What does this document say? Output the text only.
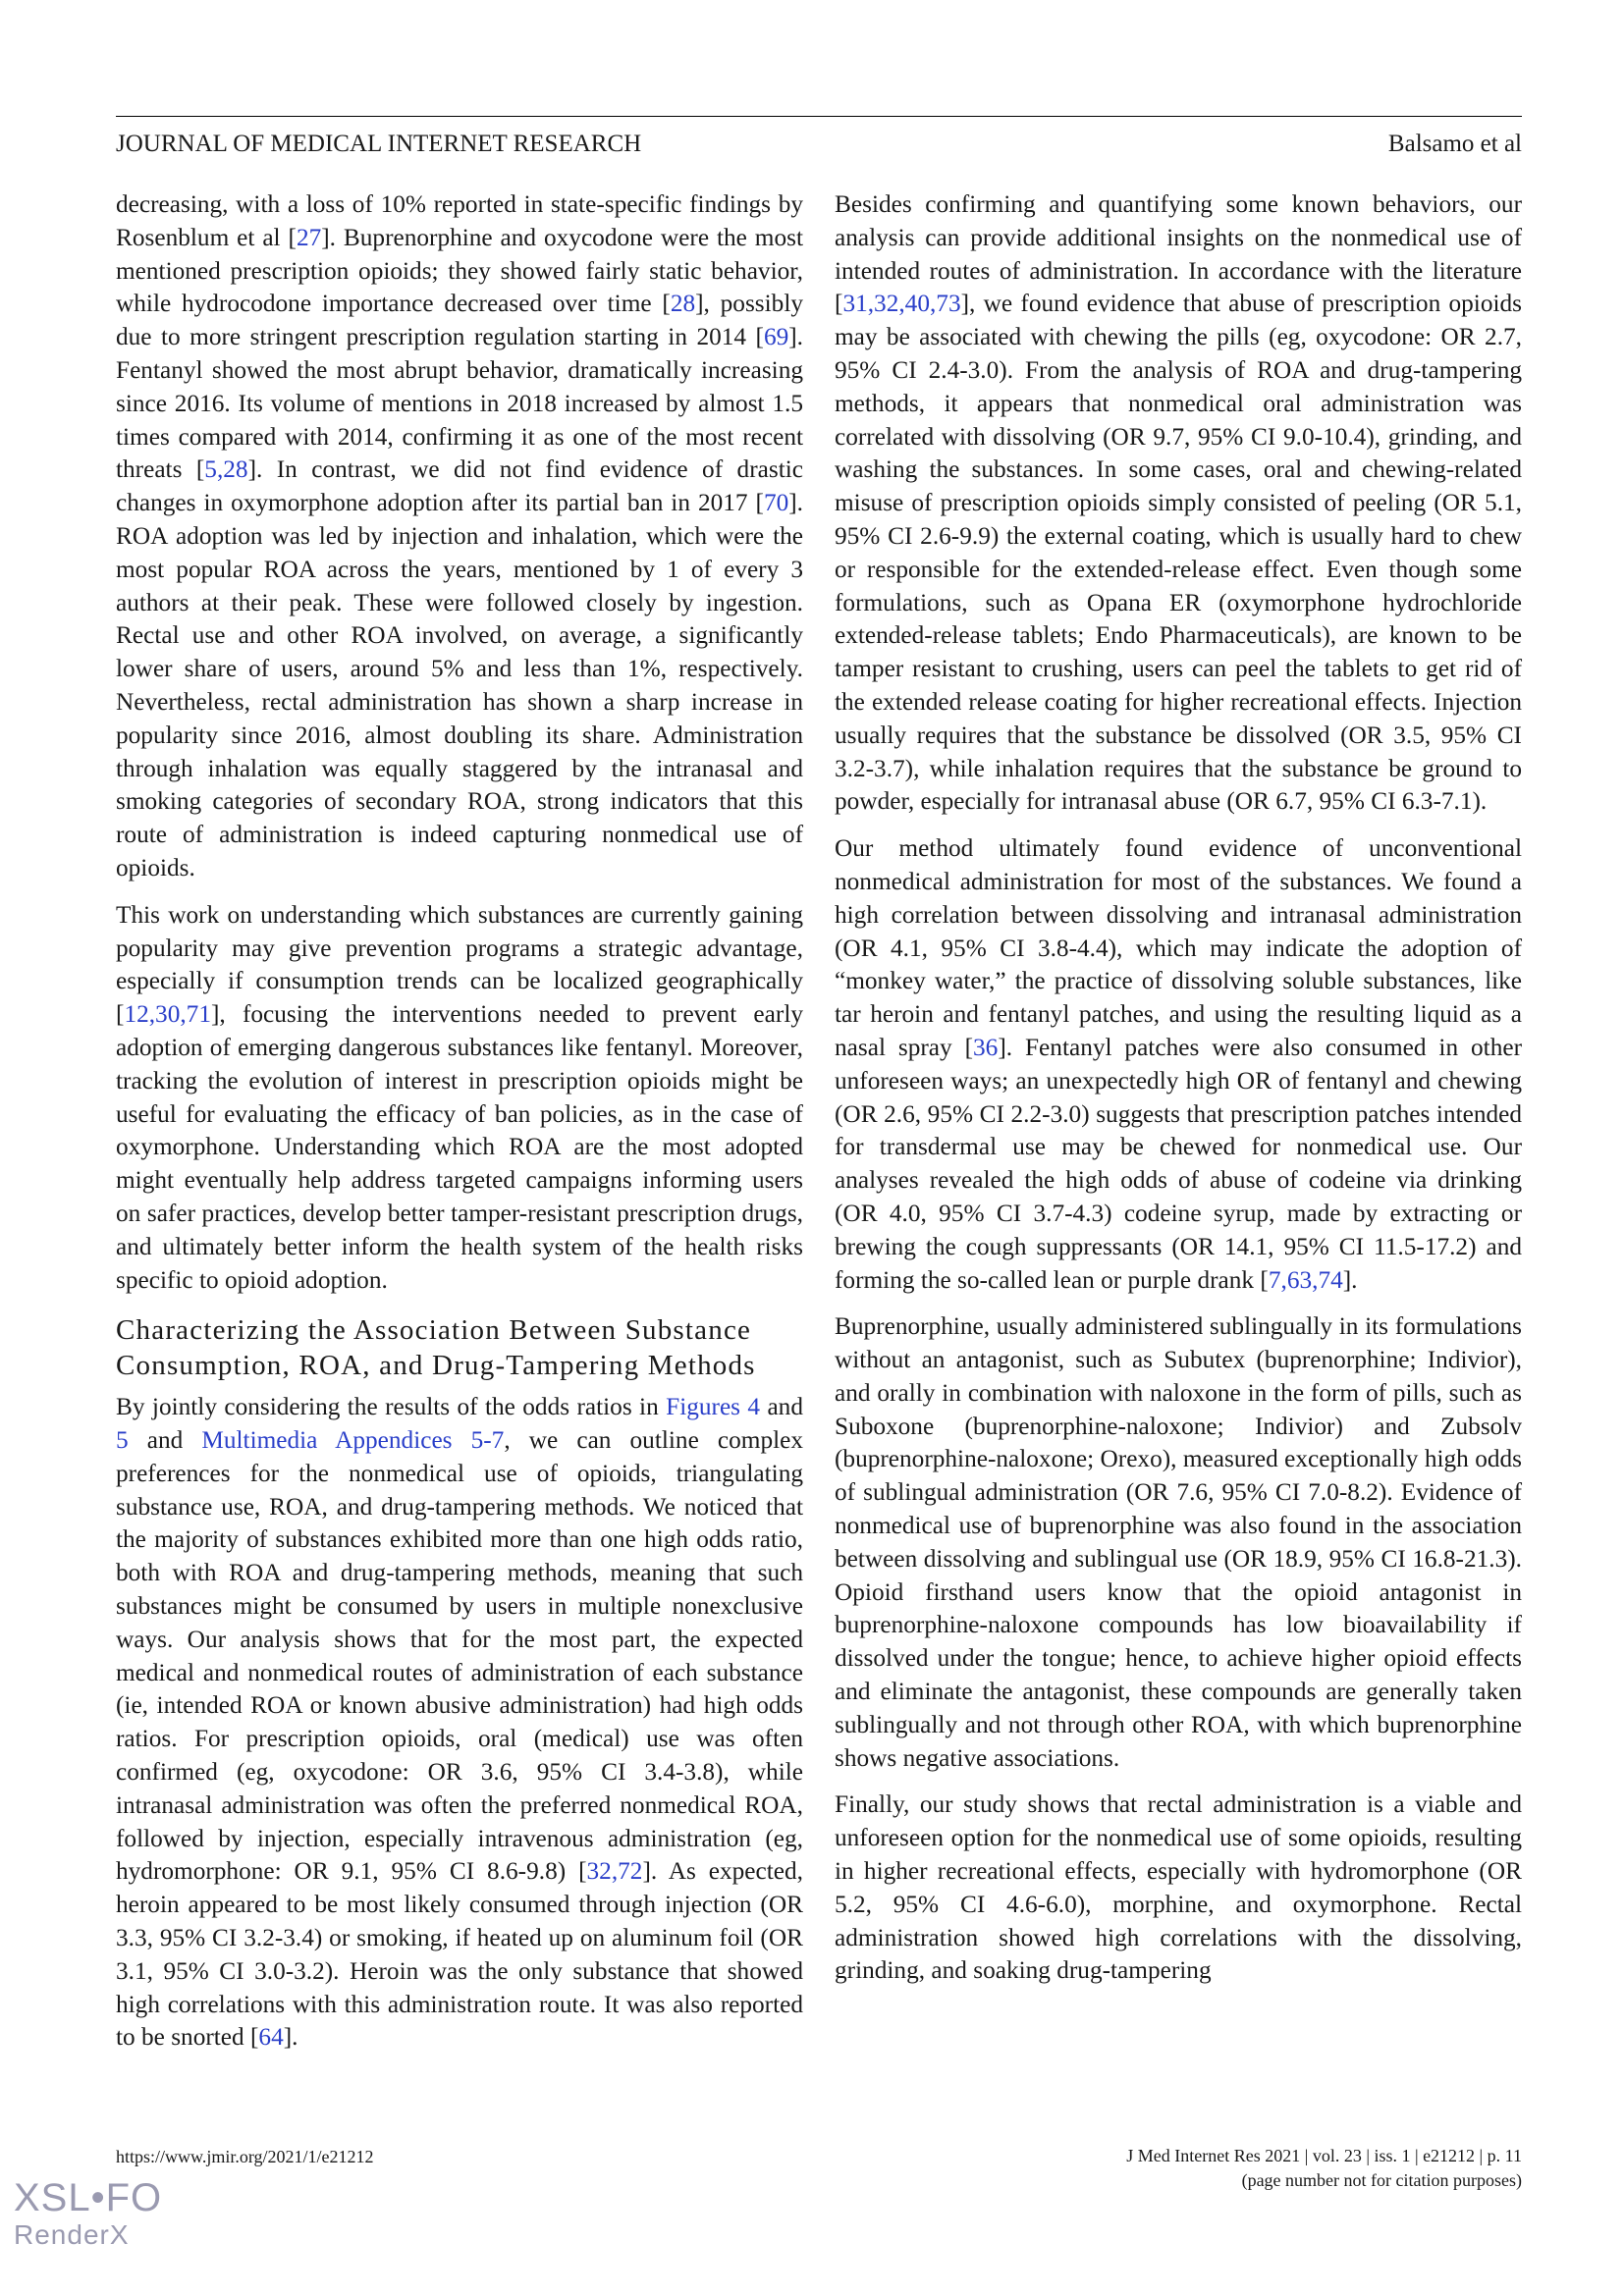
JOURNAL OF MEDICAL INTERNET RESEARCH	Balsamo et al

decreasing, with a loss of 10% reported in state-specific findings by Rosenblum et al [27]. Buprenorphine and oxycodone were the most mentioned prescription opioids; they showed fairly static behavior, while hydrocodone importance decreased over time [28], possibly due to more stringent prescription regulation starting in 2014 [69]. Fentanyl showed the most abrupt behavior, dramatically increasing since 2016. Its volume of mentions in 2018 increased by almost 1.5 times compared with 2014, confirming it as one of the most recent threats [5,28]. In contrast, we did not find evidence of drastic changes in oxymorphone adoption after its partial ban in 2017 [70]. ROA adoption was led by injection and inhalation, which were the most popular ROA across the years, mentioned by 1 of every 3 authors at their peak. These were followed closely by ingestion. Rectal use and other ROA involved, on average, a significantly lower share of users, around 5% and less than 1%, respectively. Nevertheless, rectal administration has shown a sharp increase in popularity since 2016, almost doubling its share. Administration through inhalation was equally staggered by the intranasal and smoking categories of secondary ROA, strong indicators that this route of administration is indeed capturing nonmedical use of opioids.

This work on understanding which substances are currently gaining popularity may give prevention programs a strategic advantage, especially if consumption trends can be localized geographically [12,30,71], focusing the interventions needed to prevent early adoption of emerging dangerous substances like fentanyl. Moreover, tracking the evolution of interest in prescription opioids might be useful for evaluating the efficacy of ban policies, as in the case of oxymorphone. Understanding which ROA are the most adopted might eventually help address targeted campaigns informing users on safer practices, develop better tamper-resistant prescription drugs, and ultimately better inform the health system of the health risks specific to opioid adoption.

Characterizing the Association Between Substance Consumption, ROA, and Drug-Tampering Methods

By jointly considering the results of the odds ratios in Figures 4 and 5 and Multimedia Appendices 5-7, we can outline complex preferences for the nonmedical use of opioids, triangulating substance use, ROA, and drug-tampering methods. We noticed that the majority of substances exhibited more than one high odds ratio, both with ROA and drug-tampering methods, meaning that such substances might be consumed by users in multiple nonexclusive ways. Our analysis shows that for the most part, the expected medical and nonmedical routes of administration of each substance (ie, intended ROA or known abusive administration) had high odds ratios. For prescription opioids, oral (medical) use was often confirmed (eg, oxycodone: OR 3.6, 95% CI 3.4-3.8), while intranasal administration was often the preferred nonmedical ROA, followed by injection, especially intravenous administration (eg, hydromorphone: OR 9.1, 95% CI 8.6-9.8) [32,72]. As expected, heroin appeared to be most likely consumed through injection (OR 3.3, 95% CI 3.2-3.4) or smoking, if heated up on aluminum foil (OR 3.1, 95% CI 3.0-3.2). Heroin was the only substance that showed high correlations with this administration route. It was also reported to be snorted [64].

Besides confirming and quantifying some known behaviors, our analysis can provide additional insights on the nonmedical use of intended routes of administration. In accordance with the literature [31,32,40,73], we found evidence that abuse of prescription opioids may be associated with chewing the pills (eg, oxycodone: OR 2.7, 95% CI 2.4-3.0). From the analysis of ROA and drug-tampering methods, it appears that nonmedical oral administration was correlated with dissolving (OR 9.7, 95% CI 9.0-10.4), grinding, and washing the substances. In some cases, oral and chewing-related misuse of prescription opioids simply consisted of peeling (OR 5.1, 95% CI 2.6-9.9) the external coating, which is usually hard to chew or responsible for the extended-release effect. Even though some formulations, such as Opana ER (oxymorphone hydrochloride extended-release tablets; Endo Pharmaceuticals), are known to be tamper resistant to crushing, users can peel the tablets to get rid of the extended release coating for higher recreational effects. Injection usually requires that the substance be dissolved (OR 3.5, 95% CI 3.2-3.7), while inhalation requires that the substance be ground to powder, especially for intranasal abuse (OR 6.7, 95% CI 6.3-7.1).

Our method ultimately found evidence of unconventional nonmedical administration for most of the substances. We found a high correlation between dissolving and intranasal administration (OR 4.1, 95% CI 3.8-4.4), which may indicate the adoption of “monkey water,” the practice of dissolving soluble substances, like tar heroin and fentanyl patches, and using the resulting liquid as a nasal spray [36]. Fentanyl patches were also consumed in other unforeseen ways; an unexpectedly high OR of fentanyl and chewing (OR 2.6, 95% CI 2.2-3.0) suggests that prescription patches intended for transdermal use may be chewed for nonmedical use. Our analyses revealed the high odds of abuse of codeine via drinking (OR 4.0, 95% CI 3.7-4.3) codeine syrup, made by extracting or brewing the cough suppressants (OR 14.1, 95% CI 11.5-17.2) and forming the so-called lean or purple drank [7,63,74].

Buprenorphine, usually administered sublingually in its formulations without an antagonist, such as Subutex (buprenorphine; Indivior), and orally in combination with naloxone in the form of pills, such as Suboxone (buprenorphine-naloxone; Indivior) and Zubsolv (buprenorphine-naloxone; Orexo), measured exceptionally high odds of sublingual administration (OR 7.6, 95% CI 7.0-8.2). Evidence of nonmedical use of buprenorphine was also found in the association between dissolving and sublingual use (OR 18.9, 95% CI 16.8-21.3). Opioid firsthand users know that the opioid antagonist in buprenorphine-naloxone compounds has low bioavailability if dissolved under the tongue; hence, to achieve higher opioid effects and eliminate the antagonist, these compounds are generally taken sublingually and not through other ROA, with which buprenorphine shows negative associations.

Finally, our study shows that rectal administration is a viable and unforeseen option for the nonmedical use of some opioids, resulting in higher recreational effects, especially with hydromorphone (OR 5.2, 95% CI 4.6-6.0), morphine, and oxymorphone. Rectal administration showed high correlations with the dissolving, grinding, and soaking drug-tampering

https://www.jmir.org/2021/1/e21212	J Med Internet Res 2021 | vol. 23 | iss. 1 | e21212 | p. 11
(page number not for citation purposes)
XSL•FO
RenderX
